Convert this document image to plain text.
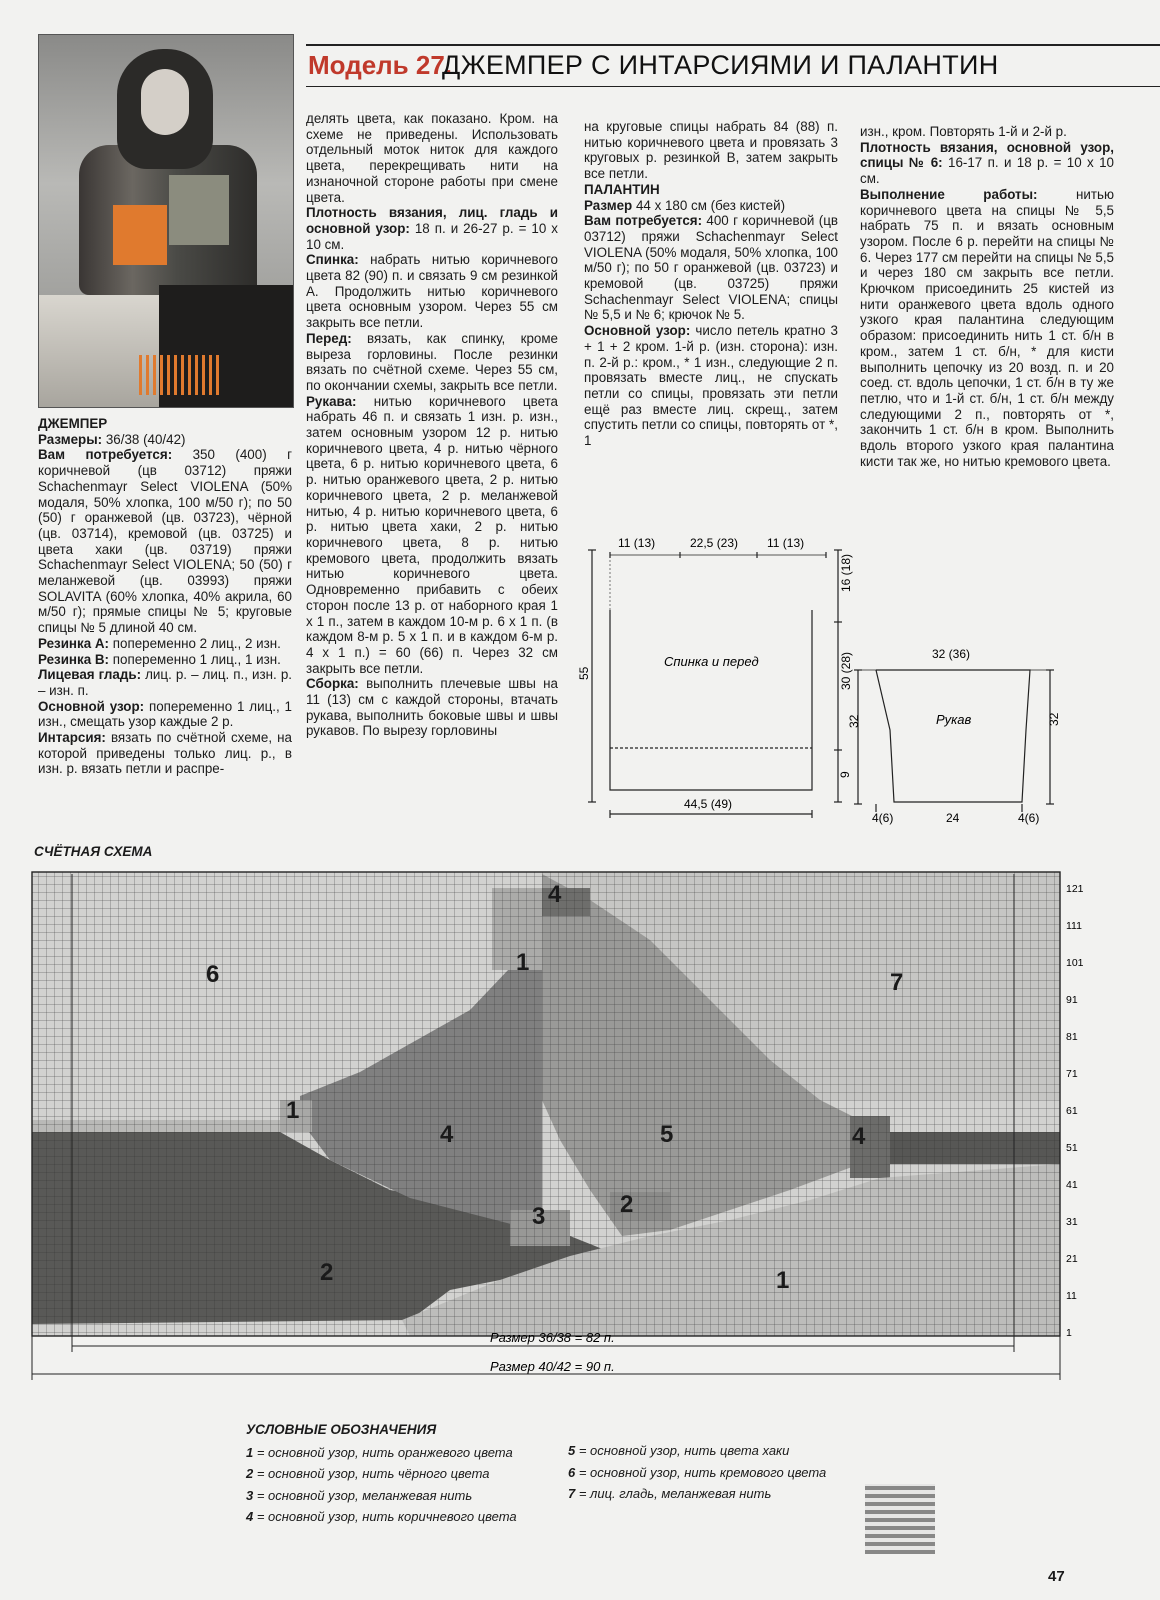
Модель 27.
ДЖЕМПЕР С ИНТАРСИЯМИ И ПАЛАНТИН

ДЖЕМПЕР

Размеры: 36/38 (40/42)

Вам потребуется: 350 (400) г коричневой (цв 03712) пряжи Schachenmayr Select VIOLENA (50% модаля, 50% хлопка, 100 м/50 г); по 50 (50) г оранжевой (цв. 03723), чёрной (цв. 03714), кремовой (цв. 03725) и цвета хаки (цв. 03719) пряжи Schachenmayr Select VIOLENA; 50 (50) г меланжевой (цв. 03993) пряжи SOLAVITA (60% хлопка, 40% акрила, 60 м/50 г); прямые спицы № 5; круговые спицы № 5 длиной 40 см.

Резинка А: попеременно 2 лиц., 2 изн.

Резинка В: попеременно 1 лиц., 1 изн.

Лицевая гладь: лиц. р. – лиц. п., изн. р. – изн. п.

Основной узор: попеременно 1 лиц., 1 изн., смещать узор каждые 2 р.

Интарсия: вязать по счётной схеме, на которой приведены только лиц. р., в изн. р. вязать петли и распре-

делять цвета, как показано. Кром. на схеме не приведены. Использовать отдельный моток ниток для каждого цвета, перекрещивать нити на изнаночной стороне работы при смене цвета.

Плотность вязания, лиц. гладь и основной узор: 18 п. и 26-27 р. = 10 х 10 см.

Спинка: набрать нитью коричневого цвета 82 (90) п. и связать 9 см резинкой А. Продолжить нитью коричневого цвета основным узором. Через 55 см закрыть все петли.

Перед: вязать, как спинку, кроме выреза горловины. После резинки вязать по счётной схеме. Через 55 см, по окончании схемы, закрыть все петли.

Рукава: нитью коричневого цвета набрать 46 п. и связать 1 изн. р. изн., затем основным узором 12 р. нитью коричневого цвета, 4 р. нитью чёрного цвета, 6 р. нитью коричневого цвета, 6 р. нитью оранжевого цвета, 2 р. нитью коричневого цвета, 2 р. меланжевой нитью, 4 р. нитью коричневого цвета, 6 р. нитью цвета хаки, 2 р. нитью коричневого цвета, 8 р. нитью кремового цвета, продолжить вязать нитью коричневого цвета. Одновременно прибавить с обеих сторон после 13 р. от наборного края 1 х 1 п., затем в каждом 10-м р. 6 х 1 п. (в каждом 8-м р. 5 х 1 п. и в каждом 6-м р. 4 х 1 п.) = 60 (66) п. Через 32 см закрыть все петли.

Сборка: выполнить плечевые швы на 11 (13) см с каждой стороны, втачать рукава, выполнить боковые швы и швы рукавов. По вырезу горловины

на круговые спицы набрать 84 (88) п. нитью коричневого цвета и провязать 3 круговых р. резинкой В, затем закрыть все петли.

ПАЛАНТИН

Размер 44 х 180 см (без кистей)

Вам потребуется: 400 г коричневой (цв 03712) пряжи Schachenmayr Select VIOLENA (50% модаля, 50% хлопка, 100 м/50 г); по 50 г оранжевой (цв. 03723) и кремовой (цв. 03725) пряжи Schachenmayr Select VIOLENA; спицы № 5,5 и № 6; крючок № 5.

Основной узор: число петель кратно 3 + 1 + 2 кром. 1-й р. (изн. сторона): изн. п. 2-й р.: кром., * 1 изн., следующие 2 п. провязать вместе лиц., не спускать петли со спицы, провязать эти петли ещё раз вместе лиц. скрещ., затем спустить петли со спицы, повторять от *, 1

изн., кром. Повторять 1-й и 2-й р.

Плотность вязания, основной узор, спицы № 6: 16-17 п. и 18 р. = 10 х 10 см.

Выполнение работы: нитью коричневого цвета на спицы № 5,5 набрать 75 п. и вязать основным узором. После 6 р. перейти на спицы № 6. Через 177 см перейти на спицы № 5,5 и через 180 см закрыть все петли. Крючком присоединить 25 кистей из нити оранжевого цвета вдоль одного узкого края палантина следующим образом: присоединить нить 1 ст. б/н в кром., затем 1 ст. б/н, * для кисти выполнить цепочку из 20 возд. п. и 20 соед. ст. вдоль цепочки, 1 ст. б/н в ту же петлю, что и 1-й ст. б/н, 1 ст. б/н между следующими 2 п., повторять от *, закончить 1 ст. б/н в кром. Выполнить вдоль второго узкого края палантина кисти так же, но нитью кремового цвета.

11 (13)	22,5 (23) 11 (13)
Спинка и перед
55
16 (18)
30 (28)
9
44,5 (49)
32 (36)
Рукав
32	32
4(6)	24	4(6)
СЧЁТНАЯ СХЕМА
1
11
21
31
41
51
61
71
81
91
101
111
121
1
2
3
4	5
6	7
1
4
2
4
1
Размер 36/38 = 82 п.
Размер 40/42 = 90 п.
УСЛОВНЫЕ ОБОЗНАЧЕНИЯ
1 = основной узор, нить оранжевого цвета
2 = основной узор, нить чёрного цвета
3 = основной узор, меланжевая нить
4 = основной узор, нить коричневого цвета
5 = основной узор, нить цвета хаки
6 = основной узор, нить кремового цвета
7 = лиц. гладь, меланжевая нить
47
